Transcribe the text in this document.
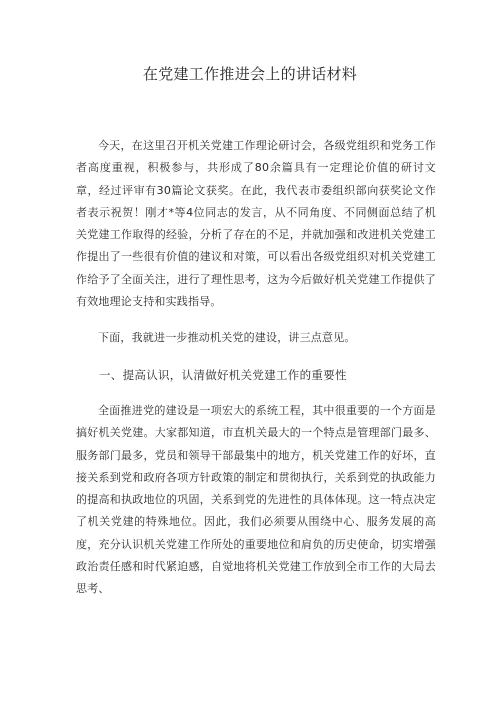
在党建工作推进会上的讲话材料

今天，在这里召开机关党建工作理论研讨会，各级党组织和党务工作者高度重视，积极参与，共形成了80余篇具有一定理论价值的研讨文章，经过评审有30篇论文获奖。在此，我代表市委组织部向获奖论文作者表示祝贺！刚才*等4位同志的发言，从不同角度、不同侧面总结了机关党建工作取得的经验，分析了存在的不足，并就加强和改进机关党建工作提出了一些很有价值的建议和对策，可以看出各级党组织对机关党建工作给予了全面关注，进行了理性思考，这为今后做好机关党建工作提供了有效地理论支持和实践指导。

下面，我就进一步推动机关党的建设，讲三点意见。

一、提高认识，认清做好机关党建工作的重要性

全面推进党的建设是一项宏大的系统工程，其中很重要的一个方面是搞好机关党建。大家都知道，市直机关最大的一个特点是管理部门最多、服务部门最多，党员和领导干部最集中的地方，机关党建工作的好坏，直接关系到党和政府各项方针政策的制定和贯彻执行，关系到党的执政能力的提高和执政地位的巩固，关系到党的先进性的具体体现。这一特点决定了机关党建的特殊地位。因此，我们必须要从围绕中心、服务发展的高度，充分认识机关党建工作所处的重要地位和肩负的历史使命，切实增强政治责任感和时代紧迫感，自觉地将机关党建工作放到全市工作的大局去思考、
